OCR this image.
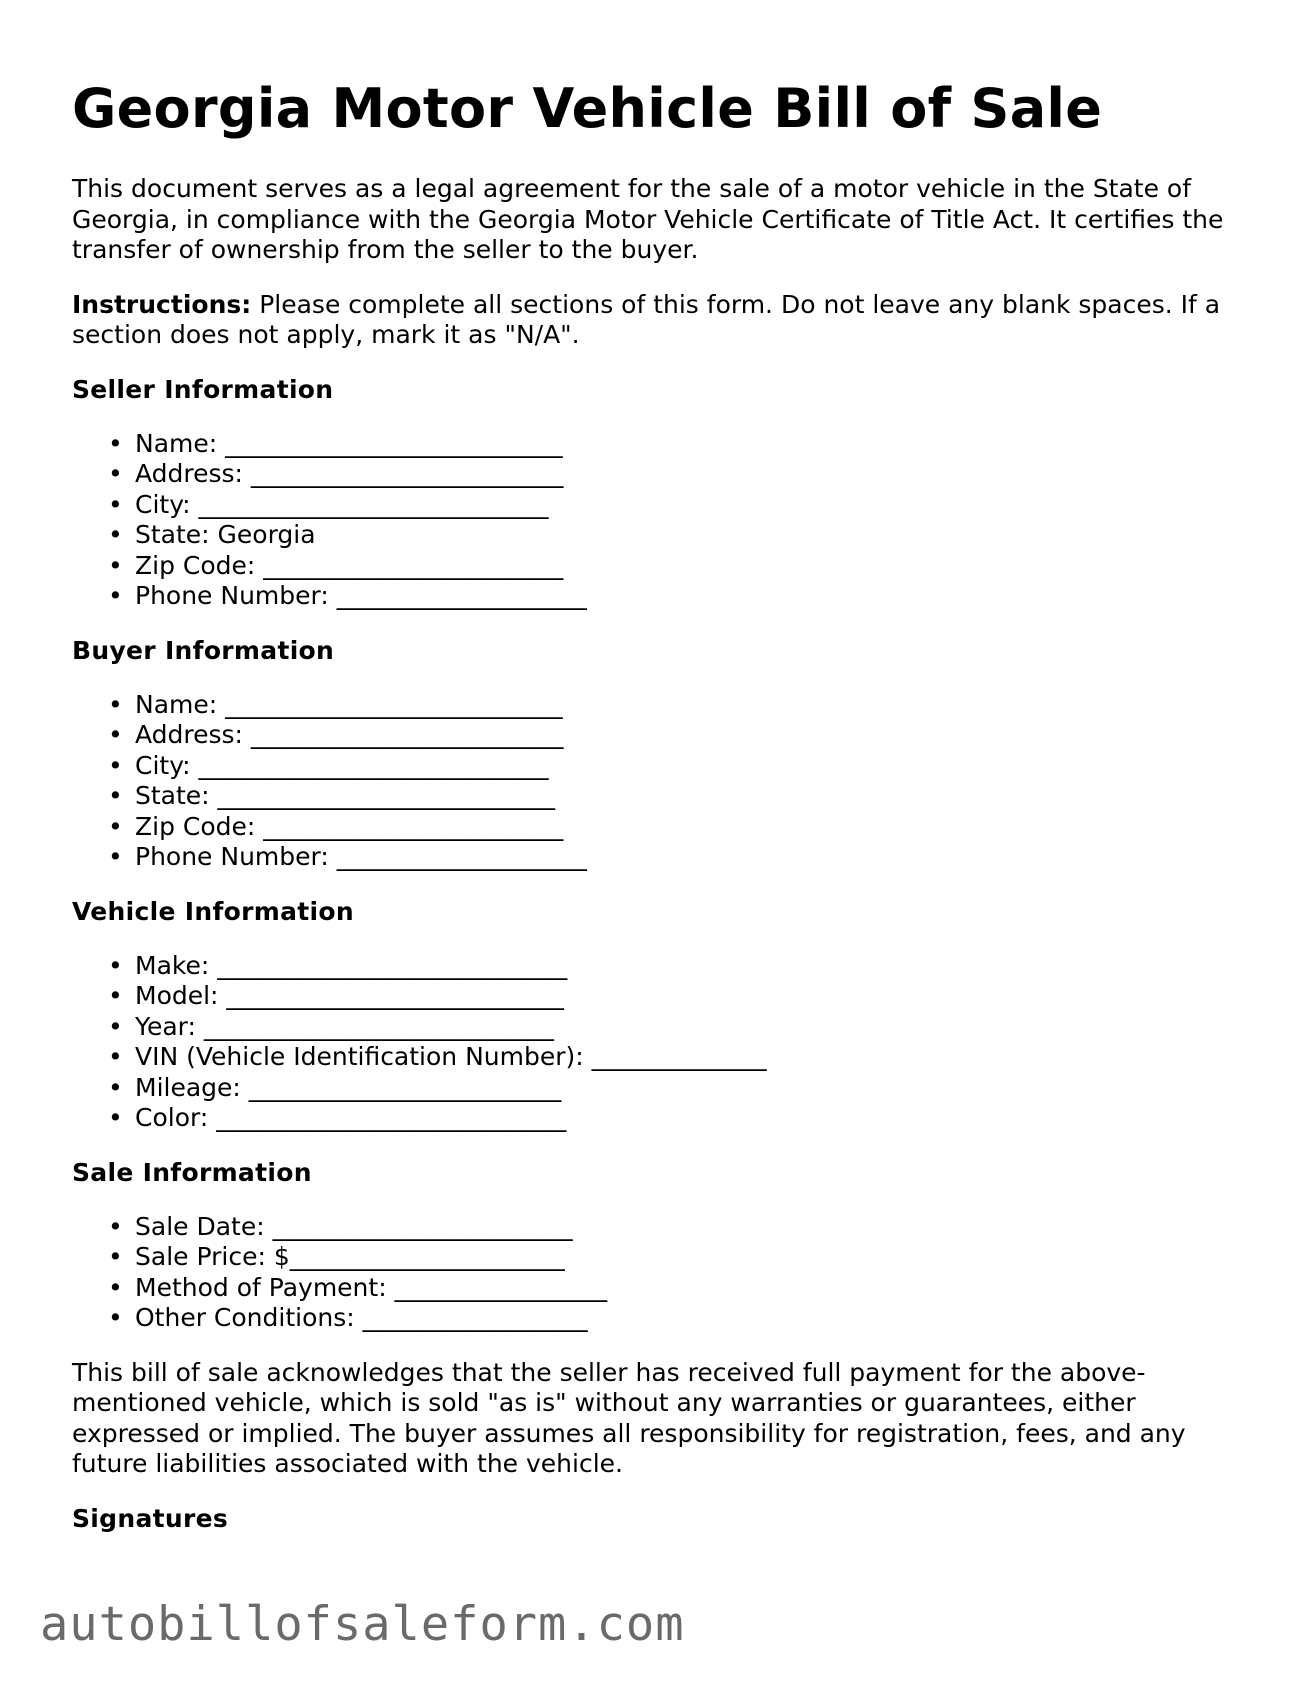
Georgia Motor Vehicle Bill of Sale

This document serves as a legal agreement for the sale of a motor vehicle in the State of Georgia, in compliance with the Georgia Motor Vehicle Certificate of Title Act. It certifies the transfer of ownership from the seller to the buyer.

Instructions: Please complete all sections of this form. Do not leave any blank spaces. If a section does not apply, mark it as "N/A".

Seller Information
• Name: ___________________________
• Address: _________________________
• City: ____________________________
• State: Georgia
• Zip Code: ________________________
• Phone Number: ____________________
Buyer Information
• Name: ___________________________
• Address: _________________________
• City: ____________________________
• State: ___________________________
• Zip Code: ________________________
• Phone Number: ____________________
Vehicle Information
• Make: ____________________________
• Model: ___________________________
• Year: ____________________________
• VIN (Vehicle Identification Number): ______________
• Mileage: _________________________
• Color: ____________________________
Sale Information
• Sale Date: ________________________
• Sale Price: $______________________
• Method of Payment: _________________
• Other Conditions: __________________

This bill of sale acknowledges that the seller has received full payment for the above-mentioned vehicle, which is sold "as is" without any warranties or guarantees, either expressed or implied. The buyer assumes all responsibility for registration, fees, and any future liabilities associated with the vehicle.

Signatures
autobillofsaleform.com
